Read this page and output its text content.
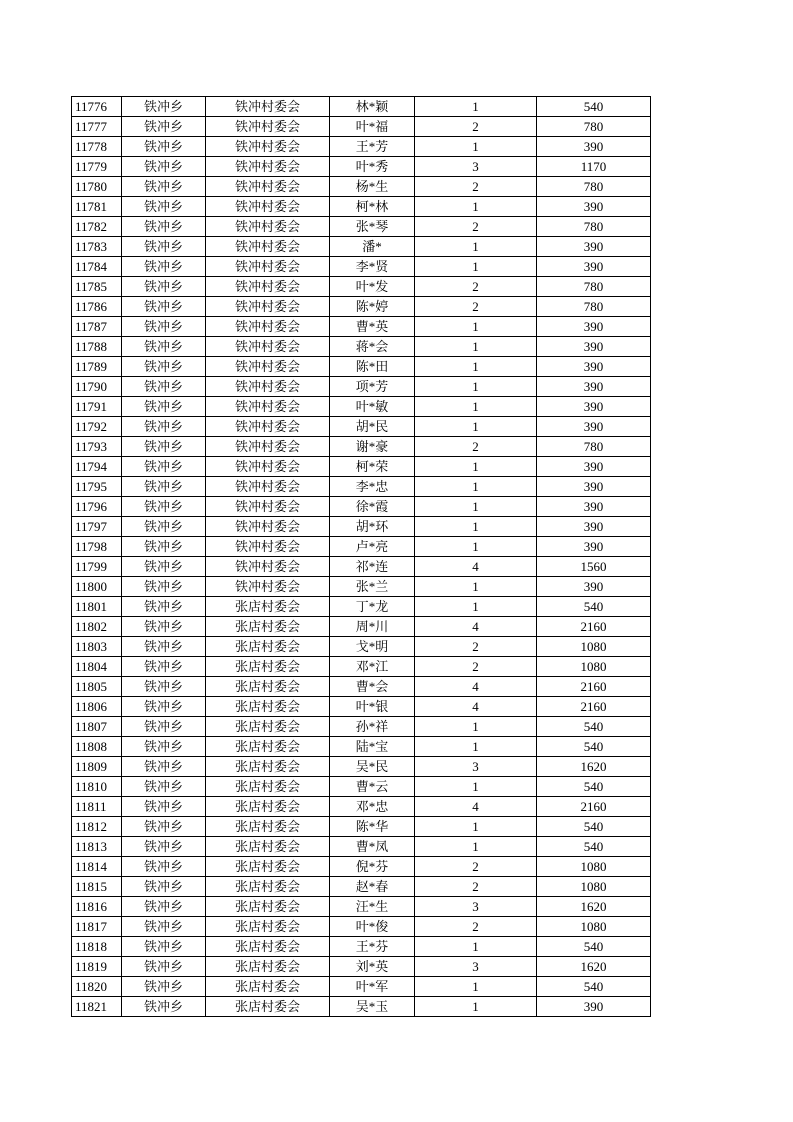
11776	铁冲乡	铁冲村委会	林*颖	1	540
11777	铁冲乡	铁冲村委会	叶*福	2	780
11778	铁冲乡	铁冲村委会	王*芳	1	390
11779	铁冲乡	铁冲村委会	叶*秀	3	1170
11780	铁冲乡	铁冲村委会	杨*生	2	780
11781	铁冲乡	铁冲村委会	柯*林	1	390
11782	铁冲乡	铁冲村委会	张*琴	2	780
11783	铁冲乡	铁冲村委会	潘*	1	390
11784	铁冲乡	铁冲村委会	李*贤	1	390
11785	铁冲乡	铁冲村委会	叶*发	2	780
11786	铁冲乡	铁冲村委会	陈*婷	2	780
11787	铁冲乡	铁冲村委会	曹*英	1	390
11788	铁冲乡	铁冲村委会	蒋*会	1	390
11789	铁冲乡	铁冲村委会	陈*田	1	390
11790	铁冲乡	铁冲村委会	项*芳	1	390
11791	铁冲乡	铁冲村委会	叶*敏	1	390
11792	铁冲乡	铁冲村委会	胡*民	1	390
11793	铁冲乡	铁冲村委会	谢*豪	2	780
11794	铁冲乡	铁冲村委会	柯*荣	1	390
11795	铁冲乡	铁冲村委会	李*忠	1	390
11796	铁冲乡	铁冲村委会	徐*霞	1	390
11797	铁冲乡	铁冲村委会	胡*环	1	390
11798	铁冲乡	铁冲村委会	卢*亮	1	390
11799	铁冲乡	铁冲村委会	祁*连	4	1560
11800	铁冲乡	铁冲村委会	张*兰	1	390
11801	铁冲乡	张店村委会	丁*龙	1	540
11802	铁冲乡	张店村委会	周*川	4	2160
11803	铁冲乡	张店村委会	戈*明	2	1080
11804	铁冲乡	张店村委会	邓*江	2	1080
11805	铁冲乡	张店村委会	曹*会	4	2160
11806	铁冲乡	张店村委会	叶*银	4	2160
11807	铁冲乡	张店村委会	孙*祥	1	540
11808	铁冲乡	张店村委会	陆*宝	1	540
11809	铁冲乡	张店村委会	吴*民	3	1620
11810	铁冲乡	张店村委会	曹*云	1	540
11811	铁冲乡	张店村委会	邓*忠	4	2160
11812	铁冲乡	张店村委会	陈*华	1	540
11813	铁冲乡	张店村委会	曹*凤	1	540
11814	铁冲乡	张店村委会	倪*芬	2	1080
11815	铁冲乡	张店村委会	赵*春	2	1080
11816	铁冲乡	张店村委会	汪*生	3	1620
11817	铁冲乡	张店村委会	叶*俊	2	1080
11818	铁冲乡	张店村委会	王*芬	1	540
11819	铁冲乡	张店村委会	刘*英	3	1620
11820	铁冲乡	张店村委会	叶*军	1	540
11821	铁冲乡	张店村委会	吴*玉	1	390
